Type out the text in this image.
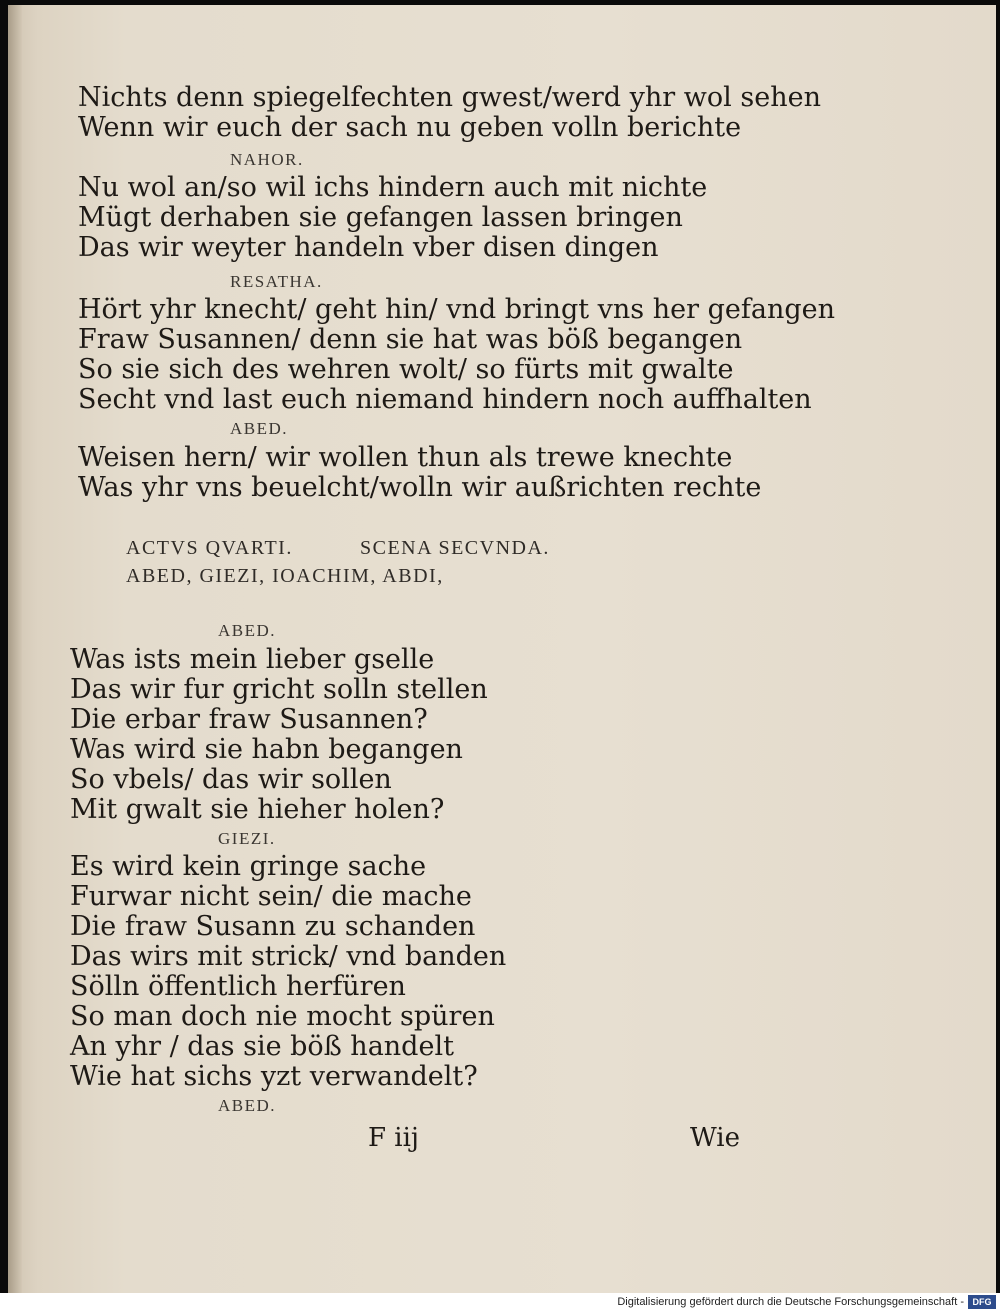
Nichts denn spiegelfechten gwest/werd yhr wol sehen
Wenn wir euch der sach nu geben volln berichte
NAHOR.
Nu wol an/so wil ichs hindern auch mit nichte
Mügt derhaben sie gefangen lassen bringen
Das wir weyter handeln vber disen dingen
RESATHA.
Hört yhr knecht/ geht hin/ vnd bringt vns her gefangen
Fraw Susannen/ denn sie hat was böß begangen
So sie sich des wehren wolt/ so fürts mit gwalte
Secht vnd last euch niemand hindern noch auffhalten
ABED.
Weisen hern/ wir wollen thun als trewe knechte
Was yhr vns beuelcht/wolln wir außrichten rechte
ACTVS QVARTI.	SCENA SECVNDA.
ABED, GIEZI, IOACHIM, ABDI,
ABED.
Was ists mein lieber gselle
Das wir fur gricht solln stellen
Die erbar fraw Susannen?
Was wird sie habn begangen
So vbels/ das wir sollen
Mit gwalt sie hieher holen?
GIEZI.
Es wird kein gringe sache
Furwar nicht sein/ die mache
Die fraw Susann zu schanden
Das wirs mit strick/ vnd banden
Sölln öffentlich herfüren
So man doch nie mocht spüren
An yhr / das sie böß handelt
Wie hat sichs yzt verwandelt?
ABED.
F iij	Wie
Digitalisierung gefördert durch die Deutsche Forschungsgemeinschaft - DFG
